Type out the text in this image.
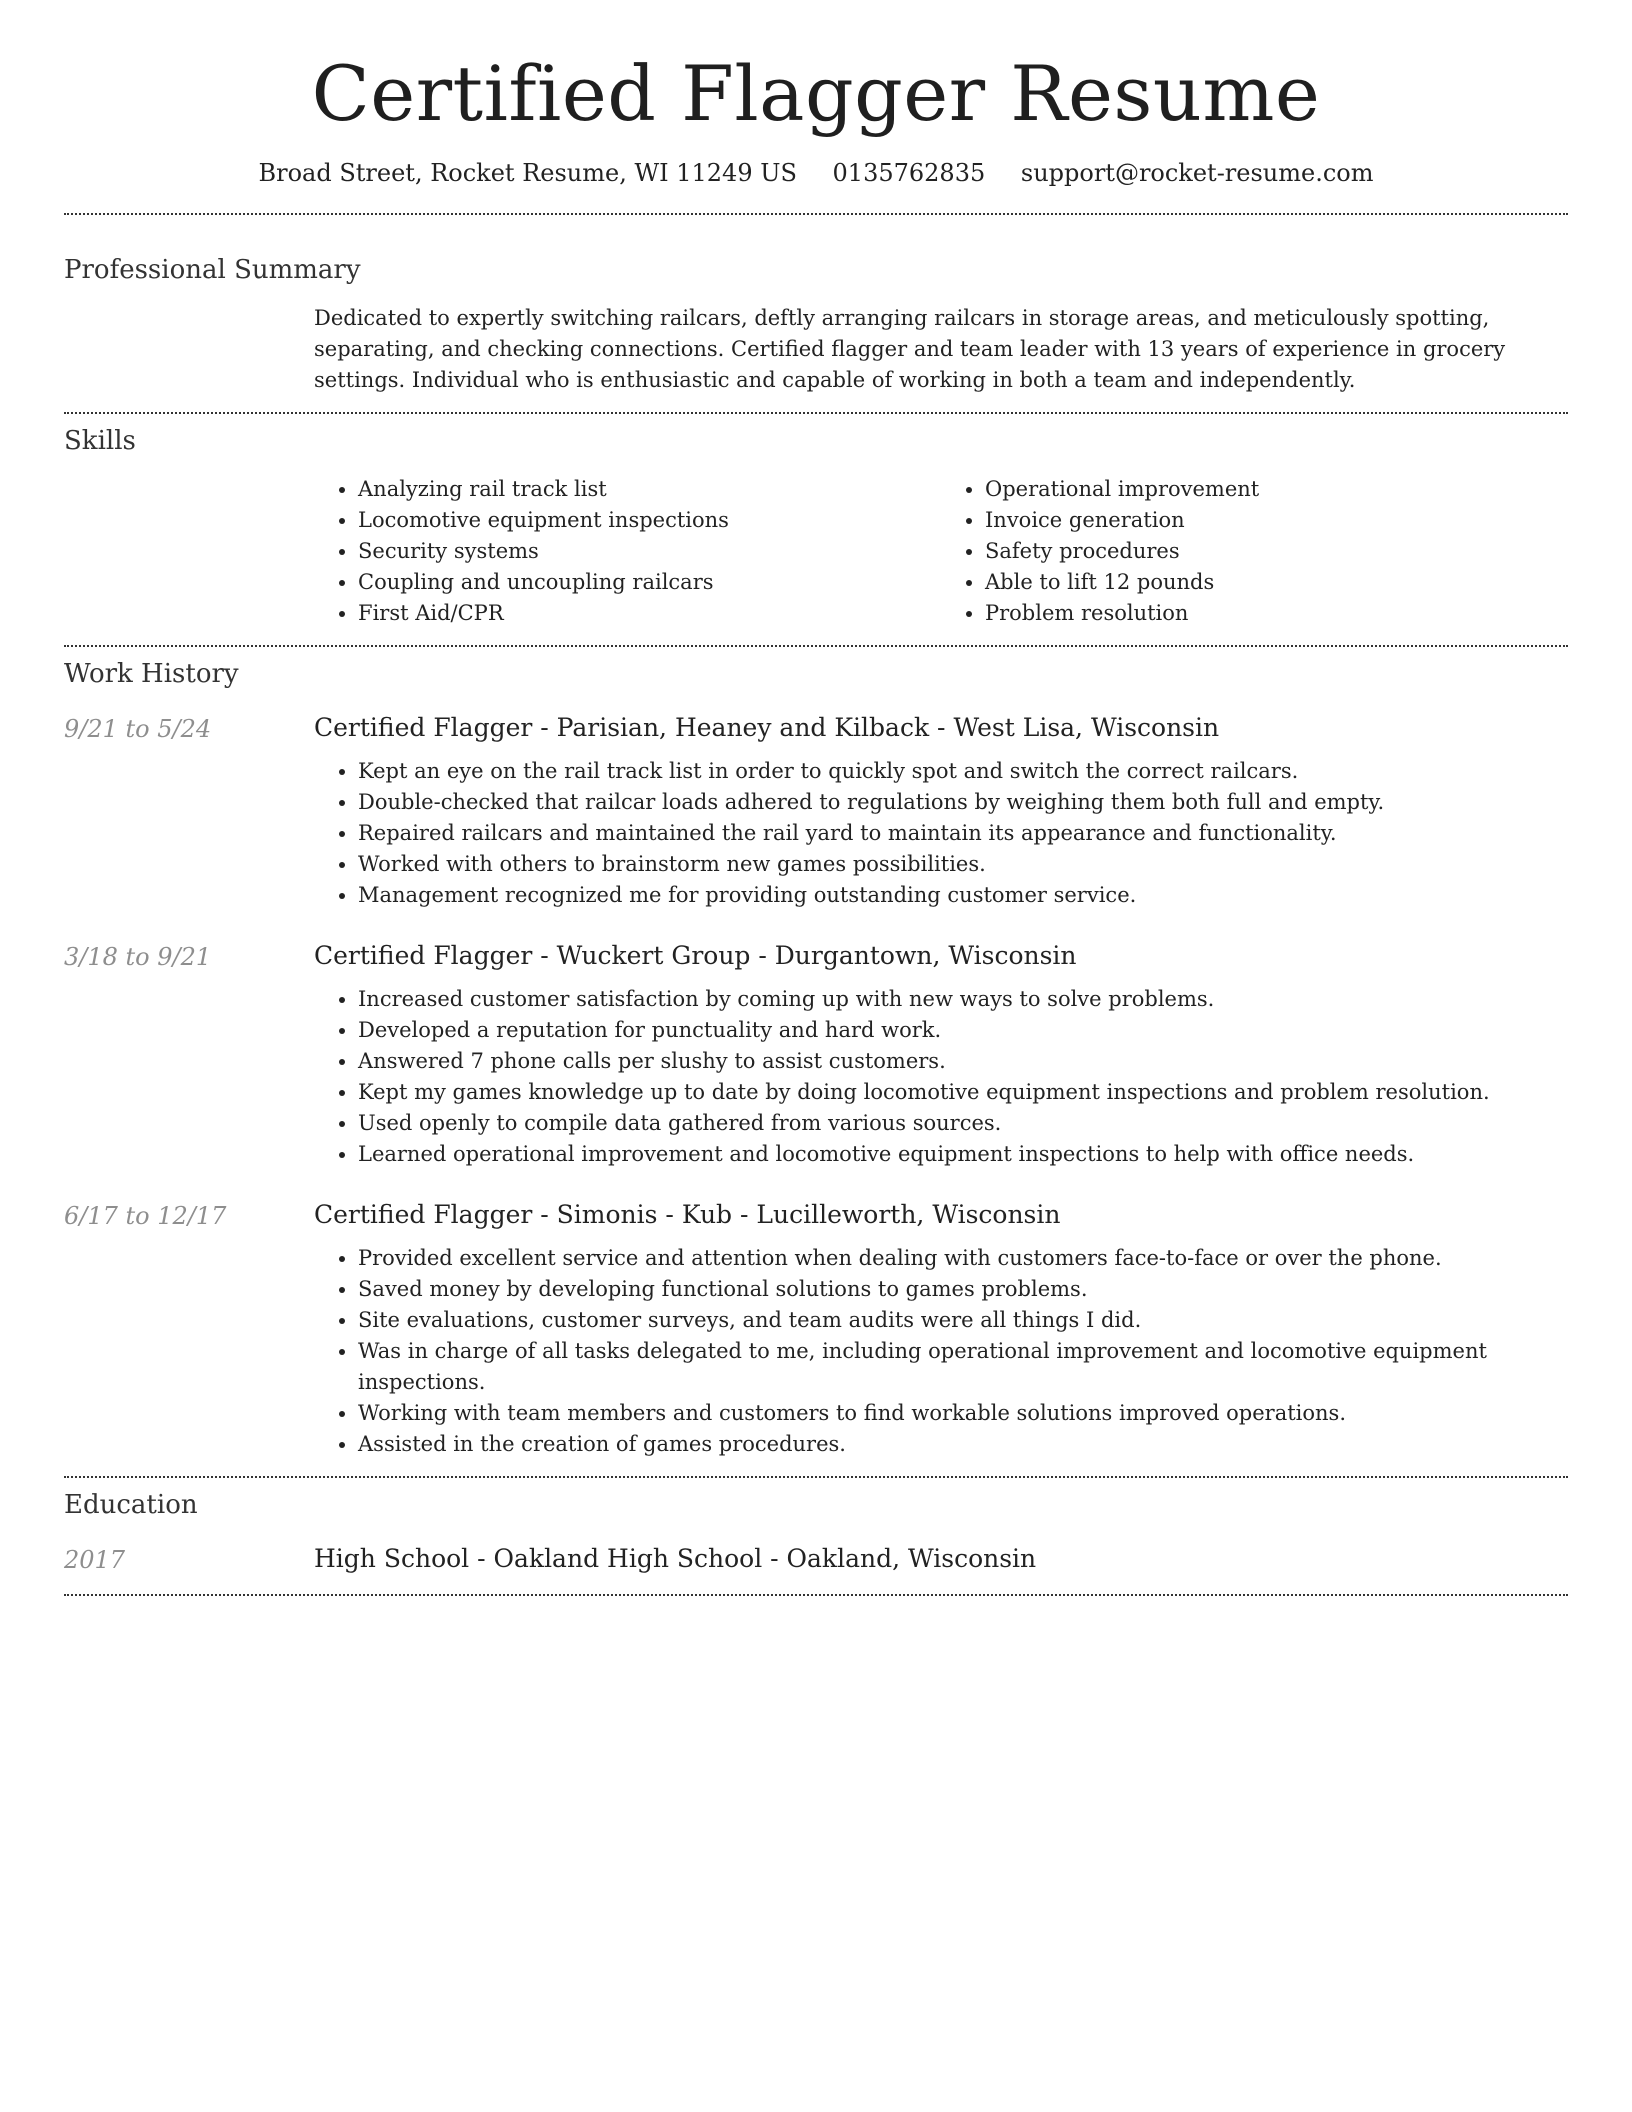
Certified Flagger Resume
Broad Street, Rocket Resume, WI 11249 US 0135762835 support@rocket-resume.com
Professional Summary

Dedicated to expertly switching railcars, deftly arranging railcars in storage areas, and meticulously spotting, separating, and checking connections. Certified flagger and team leader with 13 years of experience in grocery settings. Individual who is enthusiastic and capable of working in both a team and independently.

Skills
• Analyzing rail track list
• Locomotive equipment inspections
• Security systems
• Coupling and uncoupling railcars
• First Aid/CPR
• Operational improvement
• Invoice generation
• Safety procedures
• Able to lift 12 pounds
• Problem resolution
Work History
9/21 to 5/24	Certified Flagger - Parisian, Heaney and Kilback - West Lisa, Wisconsin
• Kept an eye on the rail track list in order to quickly spot and switch the correct railcars.
• Double-checked that railcar loads adhered to regulations by weighing them both full and empty.
• Repaired railcars and maintained the rail yard to maintain its appearance and functionality.
• Worked with others to brainstorm new games possibilities.
• Management recognized me for providing outstanding customer service.
3/18 to 9/21	Certified Flagger - Wuckert Group - Durgantown, Wisconsin
• Increased customer satisfaction by coming up with new ways to solve problems.
• Developed a reputation for punctuality and hard work.
• Answered 7 phone calls per slushy to assist customers.
• Kept my games knowledge up to date by doing locomotive equipment inspections and problem resolution.
• Used openly to compile data gathered from various sources.
• Learned operational improvement and locomotive equipment inspections to help with office needs.
6/17 to 12/17	Certified Flagger - Simonis - Kub - Lucilleworth, Wisconsin
• Provided excellent service and attention when dealing with customers face-to-face or over the phone.
• Saved money by developing functional solutions to games problems.
• Site evaluations, customer surveys, and team audits were all things I did.
• Was in charge of all tasks delegated to me, including operational improvement and locomotive equipment inspections.
• Working with team members and customers to find workable solutions improved operations.
• Assisted in the creation of games procedures.
Education
2017	High School - Oakland High School - Oakland, Wisconsin
